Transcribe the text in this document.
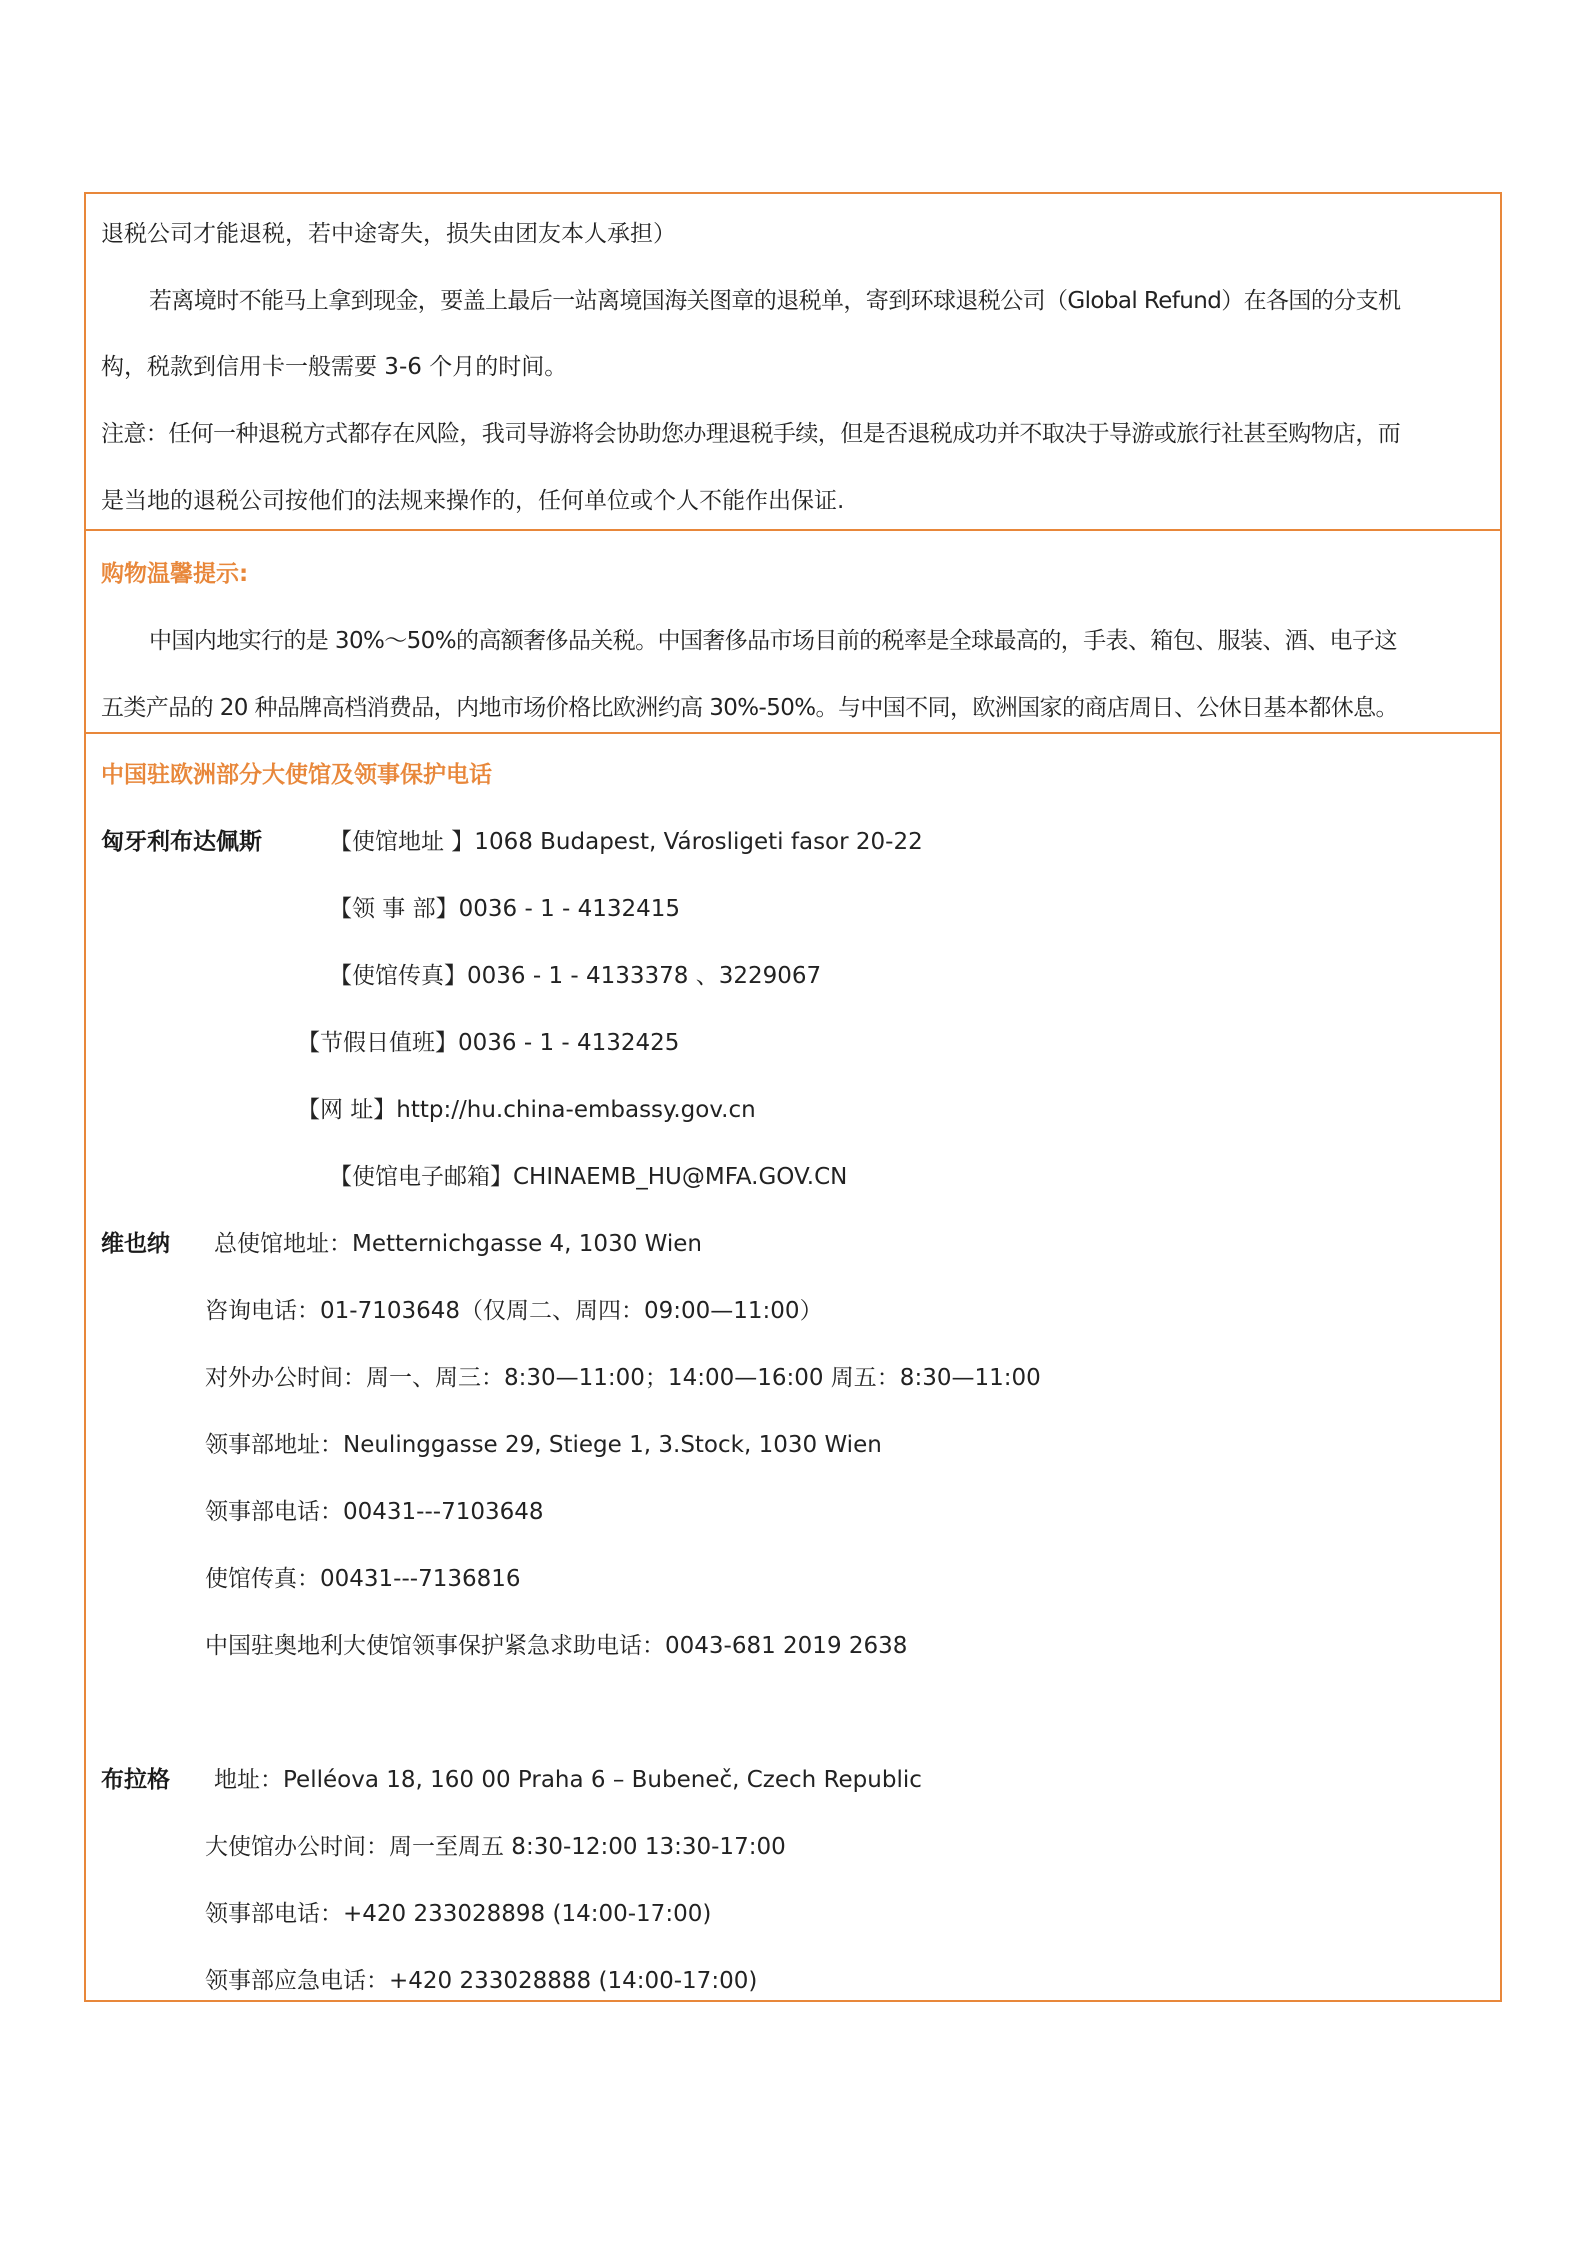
退税公司才能退税，若中途寄失，损失由团友本人承担）
若离境时不能马上拿到现金，要盖上最后一站离境国海关图章的退税单，寄到环球退税公司（Global Refund）在各国的分支机
构，税款到信用卡一般需要 3-6 个月的时间。
注意：任何一种退税方式都存在风险，我司导游将会协助您办理退税手续，但是否退税成功并不取决于导游或旅行社甚至购物店，而
是当地的退税公司按他们的法规来操作的，任何单位或个人不能作出保证.
购物温馨提示:
中国内地实行的是 30%～50%的高额奢侈品关税。中国奢侈品市场目前的税率是全球最高的，手表、箱包、服装、酒、电子这
五类产品的 20 种品牌高档消费品，内地市场价格比欧洲约高 30%-50%。与中国不同，欧洲国家的商店周日、公休日基本都休息。
中国驻欧洲部分大使馆及领事保护电话
匈牙利布达佩斯	【使馆地址 】1068 Budapest, Városligeti fasor 20-22
【领 事 部】0036 - 1 - 4132415
【使馆传真】0036 - 1 - 4133378 、3229067
【节假日值班】0036 - 1 - 4132425
【网 址】http://hu.china-embassy.gov.cn
【使馆电子邮箱】CHINAEMB_HU@MFA.GOV.CN
维也纳 总使馆地址：Metternichgasse 4, 1030 Wien
咨询电话：01-7103648（仅周二、周四：09:00—11:00）
对外办公时间：周一、周三：8:30—11:00；14:00—16:00 周五：8:30—11:00
领事部地址：Neulinggasse 29, Stiege 1, 3.Stock, 1030 Wien
领事部电话：00431---7103648
使馆传真：00431---7136816
中国驻奥地利大使馆领事保护紧急求助电话：0043-681 2019 2638
布拉格 地址：Pelléova 18, 160 00 Praha 6 – Bubeneč, Czech Republic
大使馆办公时间：周一至周五 8:30-12:00 13:30-17:00
领事部电话：+420 233028898 (14:00-17:00)
领事部应急电话：+420 233028888 (14:00-17:00)
